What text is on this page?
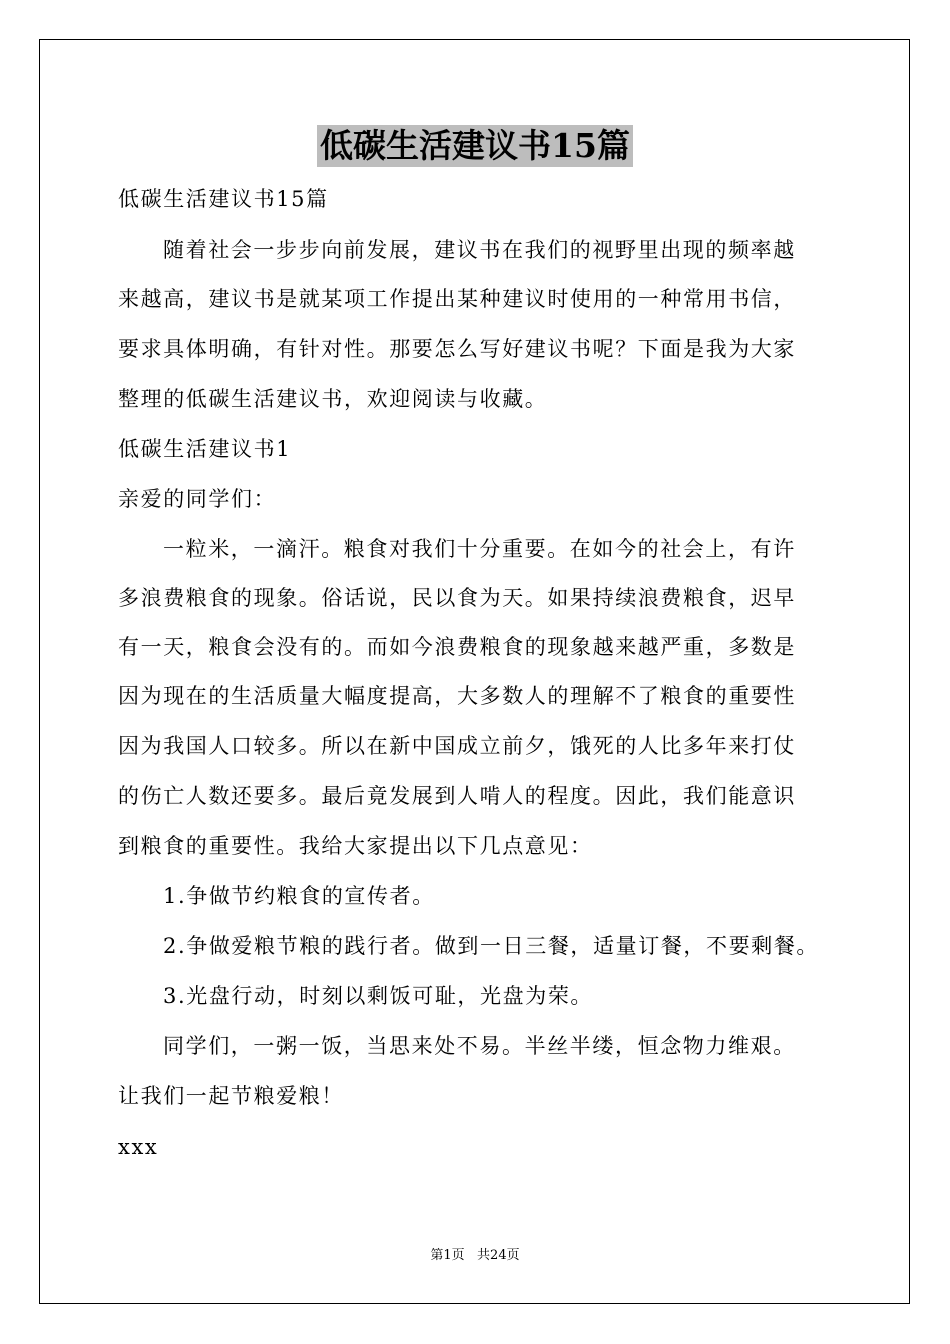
低碳生活建议书15篇
低碳生活建议书15篇
随着社会一步步向前发展，建议书在我们的视野里出现的频率越
来越高，建议书是就某项工作提出某种建议时使用的一种常用书信，
要求具体明确，有针对性。那要怎么写好建议书呢？下面是我为大家
整理的低碳生活建议书，欢迎阅读与收藏。
低碳生活建议书1
亲爱的同学们：
一粒米，一滴汗。粮食对我们十分重要。在如今的社会上，有许
多浪费粮食的现象。俗话说，民以食为天。如果持续浪费粮食，迟早
有一天，粮食会没有的。而如今浪费粮食的现象越来越严重，多数是
因为现在的生活质量大幅度提高，大多数人的理解不了粮食的重要性
因为我国人口较多。所以在新中国成立前夕，饿死的人比多年来打仗
的伤亡人数还要多。最后竟发展到人啃人的程度。因此，我们能意识
到粮食的重要性。我给大家提出以下几点意见：
1.争做节约粮食的宣传者。
2.争做爱粮节粮的践行者。做到一日三餐，适量订餐，不要剩餐。
3.光盘行动，时刻以剩饭可耻，光盘为荣。
同学们，一粥一饭，当思来处不易。半丝半缕，恒念物力维艰。
让我们一起节粮爱粮！
xxx
第1页   共24页
